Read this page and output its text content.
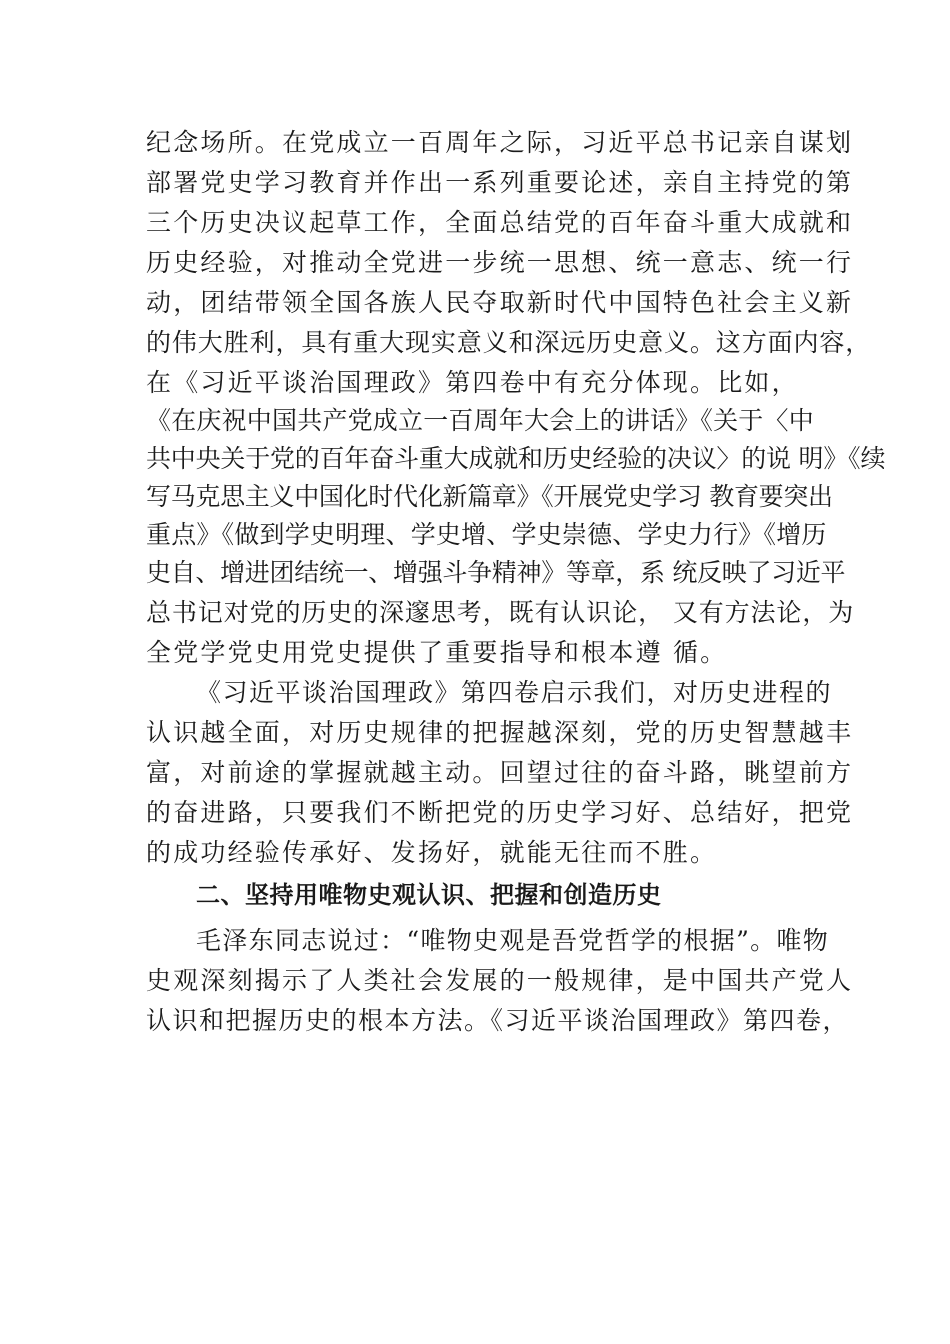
纪念场所。在党成立一百周年之际，习近平总书记亲自谋划
部署党史学习教育并作出一系列重要论述，亲自主持党的第
三个历史决议起草工作，全面总结党的百年奋斗重大成就和
历史经验，对推动全党进一步统一思想、统一意志、统一行
动，团结带领全国各族人民夺取新时代中国特色社会主义新
的伟大胜利，具有重大现实意义和深远历史意义。这方面内容，
在《习近平谈治国理政》第四卷中有充分体现。比如，
《在庆祝中国共产党成立一百周年大会上的讲话》《关于〈中
共中央关于党的百年奋斗重大成就和历史经验的决议〉的说 明》《续
写马克思主义中国化时代化新篇章》《开展党史学习 教育要突出
重点》《做到学史明理、学史增、学史崇德、学史力行》《增历
史自、增进团结统一、增强斗争精神》等章，系 统反映了习近平
总书记对党的历史的深邃思考，既有认识论， 又有方法论，为
全党学党史用党史提供了重要指导和根本遵 循。
《习近平谈治国理政》第四卷启示我们，对历史进程的
认识越全面，对历史规律的把握越深刻，党的历史智慧越丰
富，对前途的掌握就越主动。回望过往的奋斗路，眺望前方
的奋进路，只要我们不断把党的历史学习好、总结好，把党
的成功经验传承好、发扬好，就能无往而不胜。
二、坚持用唯物史观认识、把握和创造历史
毛泽东同志说过：“唯物史观是吾党哲学的根据”。唯物
史观深刻揭示了人类社会发展的一般规律，是中国共产党人
认识和把握历史的根本方法。《习近平谈治国理政》第四卷，
